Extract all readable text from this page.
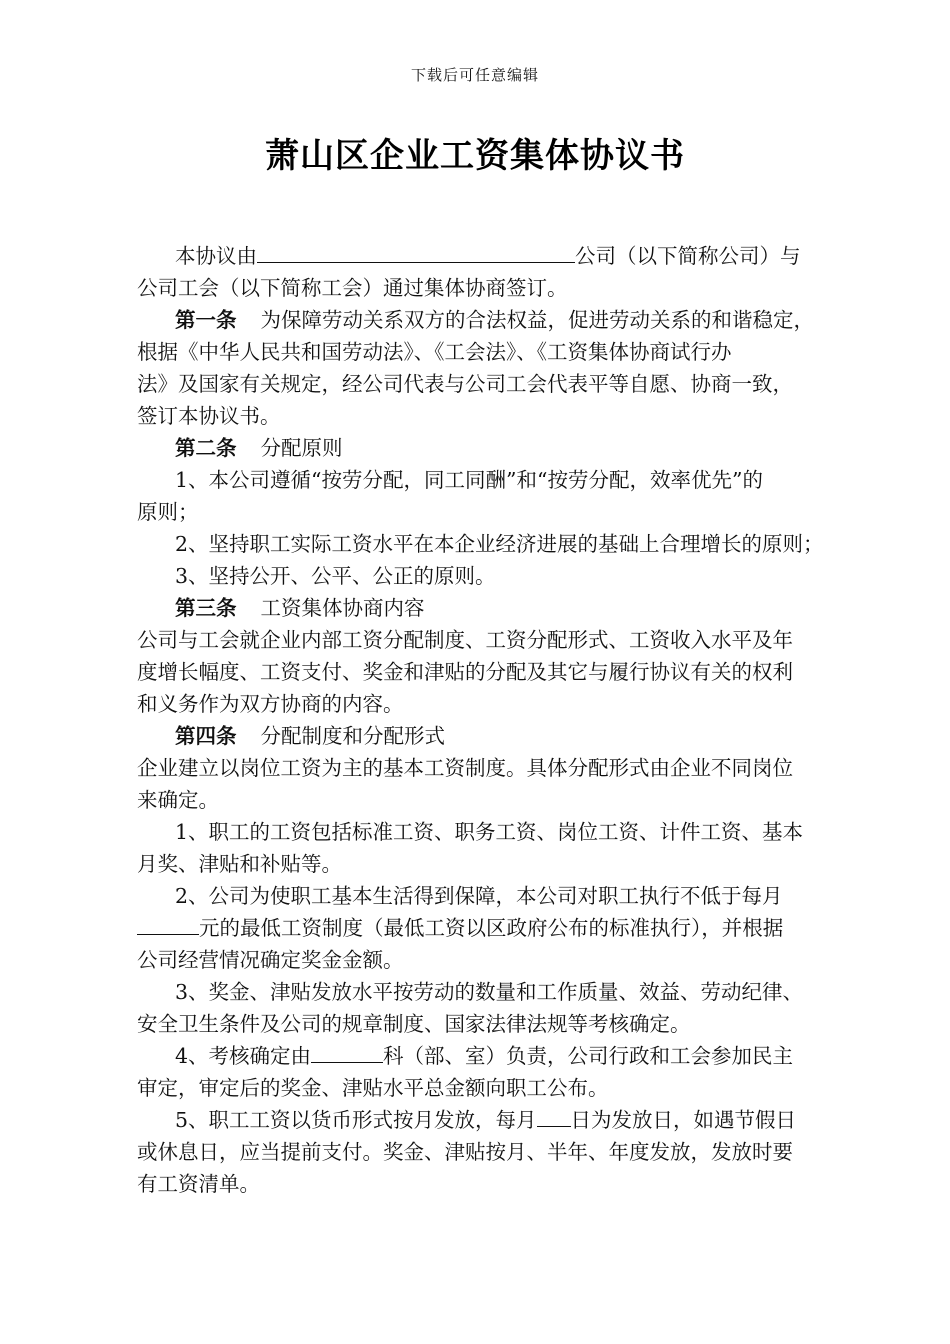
下载后可任意编辑
萧山区企业工资集体协议书
本协议由	公司（以下简称公司）与
公司工会（以下简称工会）通过集体协商签订。
第一条 为保障劳动关系双方的合法权益，促进劳动关系的和谐稳定，
根据《中华人民共和国劳动法》、《工会法》、《工资集体协商试行办
法》及国家有关规定，经公司代表与公司工会代表平等自愿、协商一致，
签订本协议书。
第二条 分配原则
1、本公司遵循“按劳分配，同工同酬”和“按劳分配，效率优先”的
原则；
2、坚持职工实际工资水平在本企业经济进展的基础上合理增长的原则；
3、坚持公开、公平、公正的原则。
第三条 工资集体协商内容
公司与工会就企业内部工资分配制度、工资分配形式、工资收入水平及年
度增长幅度、工资支付、奖金和津贴的分配及其它与履行协议有关的权利
和义务作为双方协商的内容。
第四条 分配制度和分配形式
企业建立以岗位工资为主的基本工资制度。具体分配形式由企业不同岗位
来确定。
1、职工的工资包括标准工资、职务工资、岗位工资、计件工资、基本
月奖、津贴和补贴等。
2、公司为使职工基本生活得到保障，本公司对职工执行不低于每月
元的最低工资制度（最低工资以区政府公布的标准执行），并根据
公司经营情况确定奖金金额。
3、奖金、津贴发放水平按劳动的数量和工作质量、效益、劳动纪律、
安全卫生条件及公司的规章制度、国家法律法规等考核确定。
4、考核确定由	科（部、室）负责，公司行政和工会参加民主
审定，审定后的奖金、津贴水平总金额向职工公布。
5、职工工资以货币形式按月发放，每月 日为发放日，如遇节假日
或休息日，应当提前支付。奖金、津贴按月、半年、年度发放，发放时要
有工资清单。
